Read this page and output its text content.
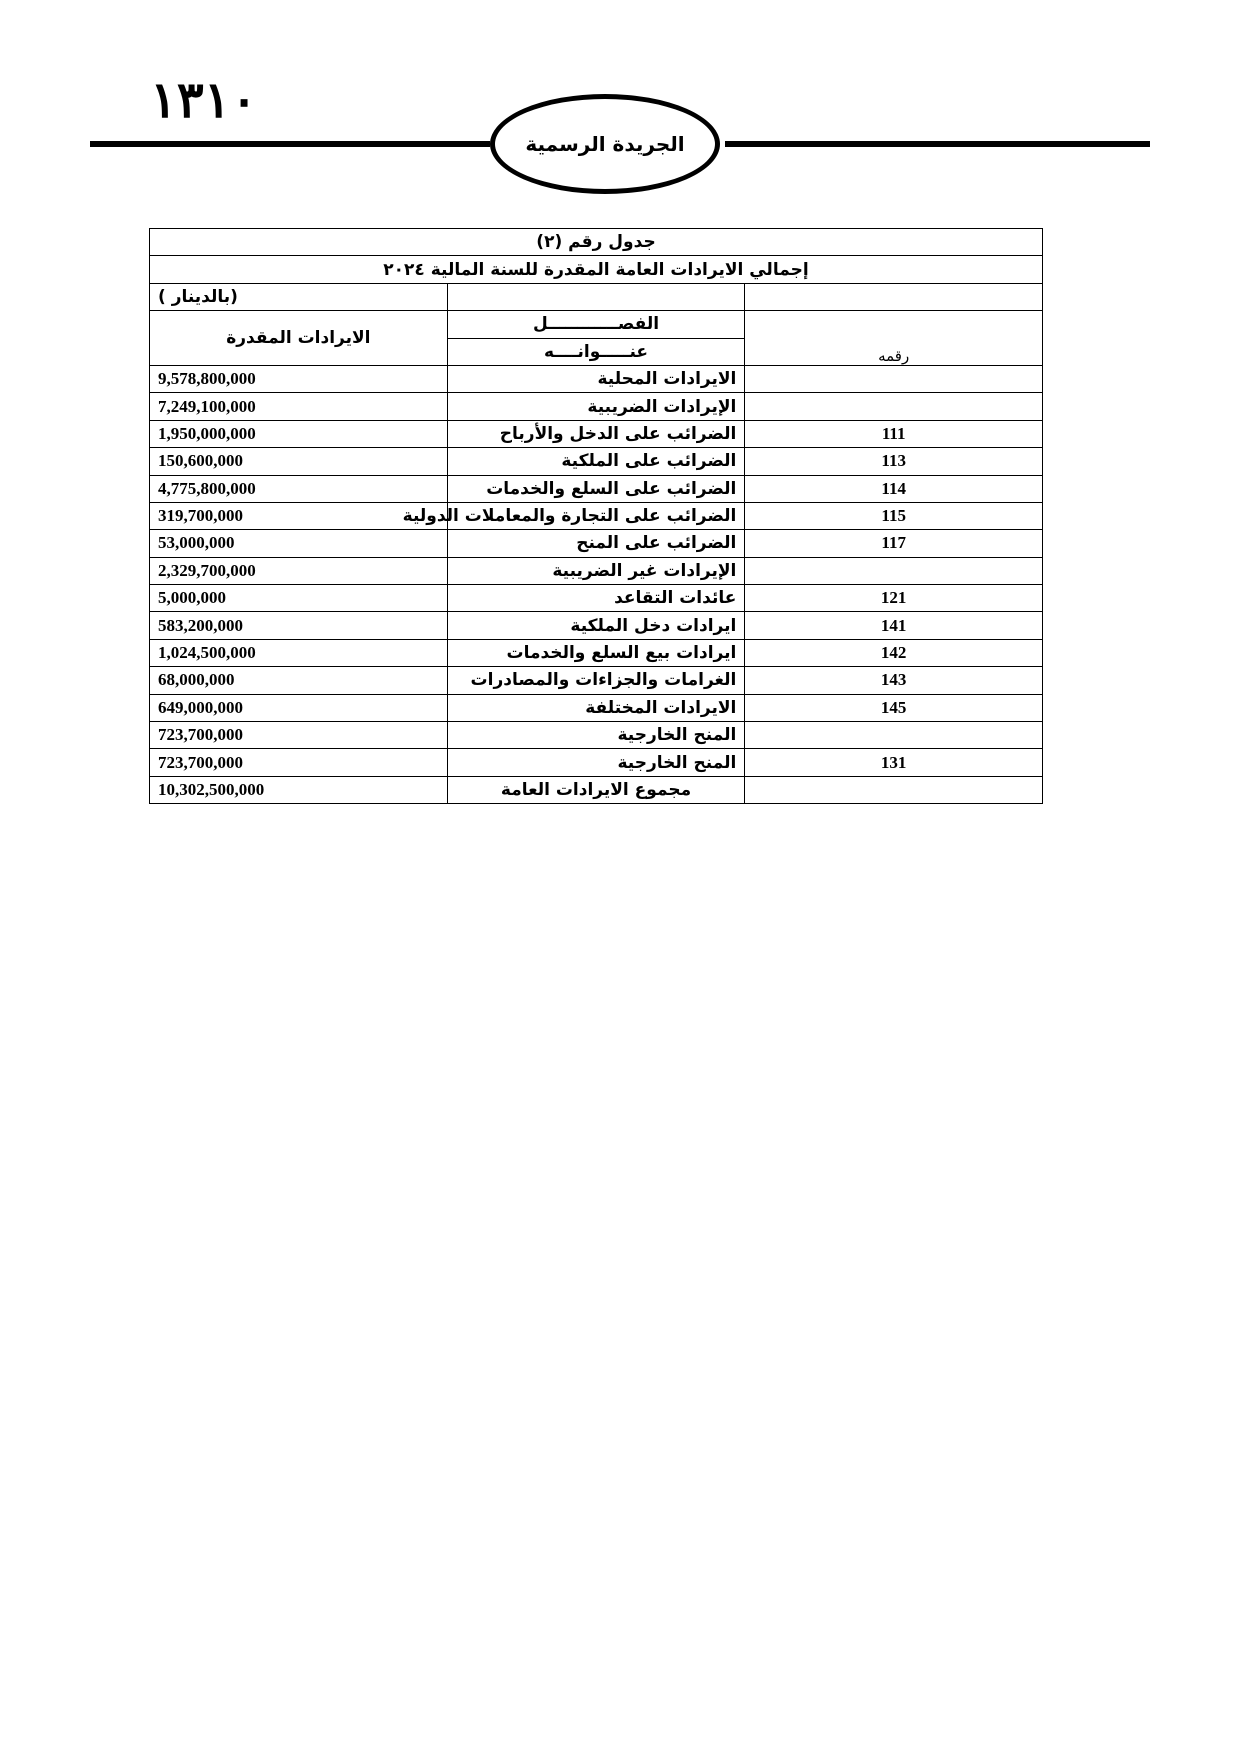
١٣١٠
الجريدة الرسمية
جدول رقم (٢)		
إجمالي الايرادات العامة المقدرة للسنة المالية ٢٠٢٤		
		(بالدينار )
رقمه	الفصــــــــــــل	الايرادات المقدرة
	عنـــــوانــــه	
	الايرادات المحلية	9,578,800,000

	الإيرادات الضريبية	7,249,100,000

111	الضرائب على الدخل والأرباح	1,950,000,000

113	الضرائب على الملكية	150,600,000

114	الضرائب على السلع والخدمات	4,775,800,000

115	الضرائب على التجارة والمعاملات الدولية	319,700,000

117	الضرائب على المنح	53,000,000

	الإيرادات غير الضريبية	2,329,700,000

121	عائدات التقاعد	5,000,000

141	ايرادات دخل الملكية	583,200,000

142	ايرادات بيع السلع والخدمات	1,024,500,000

143	الغرامات والجزاءات والمصادرات	68,000,000

145	الايرادات المختلفة	649,000,000

	المنح الخارجية	723,700,000

131	المنح الخارجية	723,700,000

	مجموع الايرادات العامة	10,302,500,000
